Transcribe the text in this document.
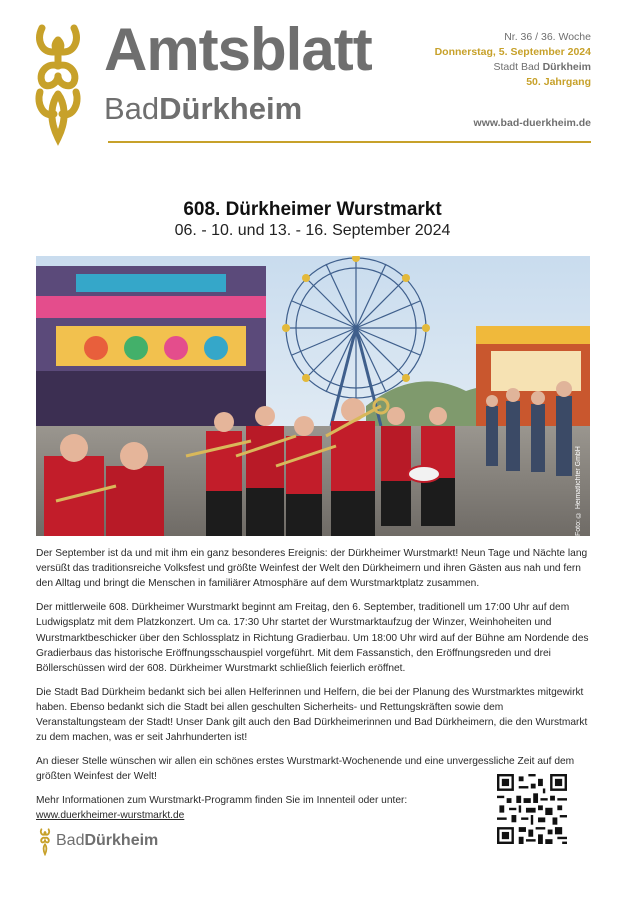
Amtsblatt
BadDürkheim
Nr. 36 / 36. Woche
Donnerstag, 5. September 2024
Stadt Bad Dürkheim
50. Jahrgang
www.bad-duerkheim.de
608. Dürkheimer Wurstmarkt
06. - 10. und 13. - 16. September 2024
Foto: © Heimatlichter GmbH

Der September ist da und mit ihm ein ganz besonderes Ereignis: der Dürkheimer Wurstmarkt! Neun Tage und Nächte lang versüßt das traditionsreiche Volksfest und größte Weinfest der Welt den Dürkheimern und ihren Gästen aus nah und fern den Alltag und bringt die Menschen in familiärer Atmosphäre auf dem Wurstmarktplatz zusammen.

Der mittlerweile 608. Dürkheimer Wurstmarkt beginnt am Freitag, den 6. September, traditionell um 17:00 Uhr auf dem Ludwigsplatz mit dem Platzkonzert. Um ca. 17:30 Uhr startet der Wurstmarktaufzug der Winzer, Weinhoheiten und Wurstmarktbeschicker über den Schlossplatz in Richtung Gradierbau. Um 18:00 Uhr wird auf der Bühne am Nordende des Gradierbaus das historische Eröffnungsschauspiel vorgeführt. Mit dem Fassanstich, den Eröffnungsreden und drei Böllerschüssen wird der 608. Dürkheimer Wurstmarkt schließlich feierlich eröffnet.

Die Stadt Bad Dürkheim bedankt sich bei allen Helferinnen und Helfern, die bei der Planung des Wurstmarktes mitgewirkt haben. Ebenso bedankt sich die Stadt bei allen geschulten Sicherheits- und Rettungskräften sowie dem Veranstaltungsteam der Stadt! Unser Dank gilt auch den Bad Dürkheimerinnen und Bad Dürkheimern, die den Wurstmarkt zu dem machen, was er seit Jahrhunderten ist!

An dieser Stelle wünschen wir allen ein schönes erstes Wurstmarkt-Wochenende und eine unvergessliche Zeit auf dem größten Weinfest der Welt!

Mehr Informationen zum Wurstmarkt-Programm finden Sie im Innenteil oder unter:
www.duerkheimer-wurstmarkt.de

BadDürkheim
